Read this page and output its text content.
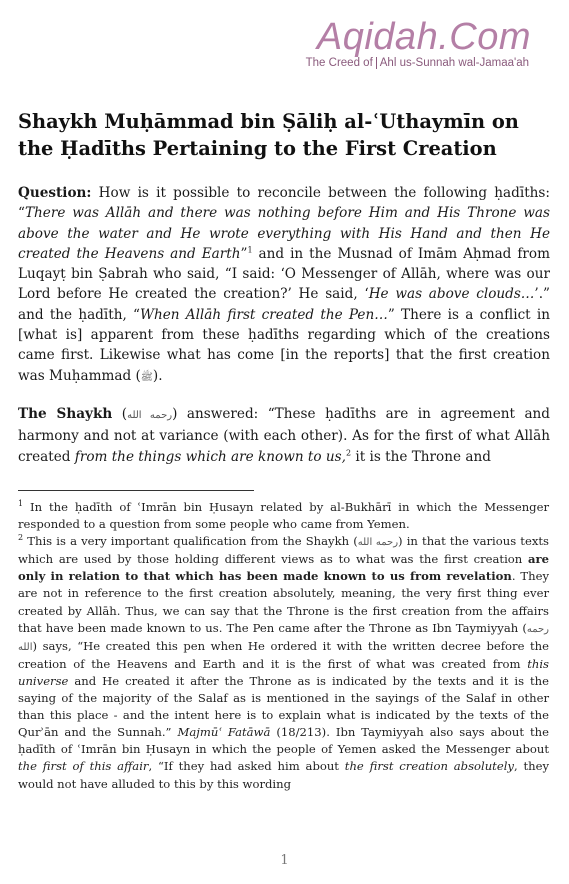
Aqidah.Com
The Creed of Ahl us-Sunnah wal-Jamaa'ah
Shaykh Muḥāmmad bin Ṣāliḥ al-ʿUthaymīn on the Ḥadīths Pertaining to the First Creation

Question: How is it possible to reconcile between the following ḥadīths: “There was Allāh and there was nothing before Him and His Throne was above the water and He wrote everything with His Hand and then He created the Heavens and Earth”$^1$ and in the Musnad of Imām Aḥmad from Luqayṭ bin Ṣabrah who said, “I said: ‘O Messenger of Allāh, where was our Lord before He created the creation?’ He said, ‘He was above clouds…’.” and the ḥadīth, “When Allāh first created the Pen…” There is a conflict in [what is] apparent from these ḥadīths regarding which of the creations came first. Likewise what has come [in the reports] that the first creation was Muḥammad (ﷺ).

The Shaykh (رحمه الله) answered: “These ḥadīths are in agreement and harmony and not at variance (with each other). As for the first of what Allāh created from the things which are known to us,$^2$ it is the Throne and

$^1$ In the ḥadīth of ʿImrān bin Ḥusayn related by al-Bukhārī in which the Messenger responded to a question from some people who came from Yemen.

$^2$ This is a very important qualification from the Shaykh (رحمه الله) in that the various texts which are used by those holding different views as to what was the first creation are only in relation to that which has been made known to us from revelation. They are not in reference to the first creation absolutely, meaning, the very first thing ever created by Allāh. Thus, we can say that the Throne is the first creation from the affairs that have been made known to us. The Pen came after the Throne as Ibn Taymiyyah (رحمه الله) says, “He created this pen when He ordered it with the written decree before the creation of the Heavens and Earth and it is the first of what was created from this universe and He created it after the Throne as is indicated by the texts and it is the saying of the majority of the Salaf as is mentioned in the sayings of the Salaf in other than this place - and the intent here is to explain what is indicated by the texts of the Qurʾān and the Sunnah.” Majmūʿ Fatāwā (18/213). Ibn Taymiyyah also says about the ḥadīth of ʿImrān bin Ḥusayn in which the people of Yemen asked the Messenger about the first of this affair, “If they had asked him about the first creation absolutely, they would not have alluded to this by this wording

1
